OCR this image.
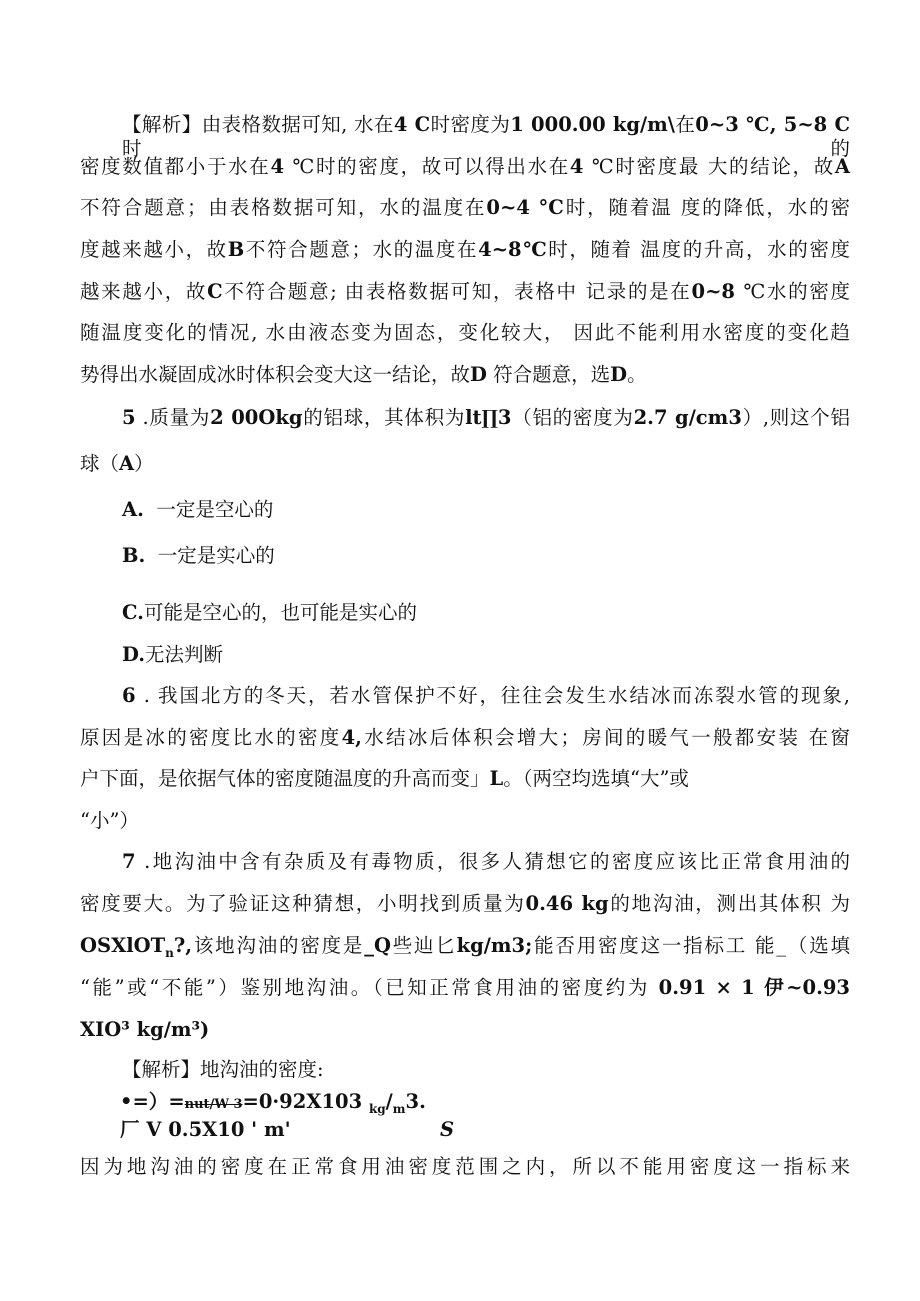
【解析】由表格数据可知, 水在4 C时密度为1 000.00 kg/m\在0~3 ℃, 5~8 C时的
密度数值都小于水在4 ℃时的密度，故可以得出水在4 ℃时密度最 大的结论，故A
不符合题意；由表格数据可知，水的温度在0~4 °C时，随着温 度的降低，水的密
度越来越小，故B不符合题意；水的温度在4~8℃时，随着 温度的升高，水的密度
越来越小，故C不符合题意; 由表格数据可知，表格中 记录的是在0~8 ℃水的密度
随温度变化的情况, 水由液态变为固态，变化较大， 因此不能利用水密度的变化趋
势得出水凝固成冰时体积会变大这一结论，故D 符合题意，选D。
5 .质量为2 00Okg的铝球，其体积为lt∏3（铝的密度为2.7 g/cm3）,则这个铝
球（A）
A. 一定是空心的
B. 一定是实心的
C.可能是空心的，也可能是实心的
D.无法判断
6 . 我国北方的冬天，若水管保护不好，往往会发生水结冰而冻裂水管的现象,
原因是冰的密度比水的密度4,水结冰后体积会增大；房间的暖气一般都安装 在窗
户下面，是依据气体的密度随温度的升高而变」L。（两空均选填“大”或
“小”）
7 .地沟油中含有杂质及有毒物质，很多人猜想它的密度应该比正常食用油的
密度要大。为了验证这种猜想，小明找到质量为0.46 kg的地沟油，测出其体积 为
OSXlOT$_n$?,该地沟油的密度是_Q些辿匕kg/m3;能否用密度这一指标工 能_（选填
“能”或“不能”）鉴别地沟油。（已知正常食用油的密度约为 0.91 × 1 伊~0.93
XIO³ kg/m³)
【解析】地沟油的密度:
•=）=nut/W 3=0·92X103 $_{kg}/_m3$.
厂 V 0.5X10 ' m'	S
因为地沟油的密度在正常食用油密度范围之内，所以不能用密度这一指标来
